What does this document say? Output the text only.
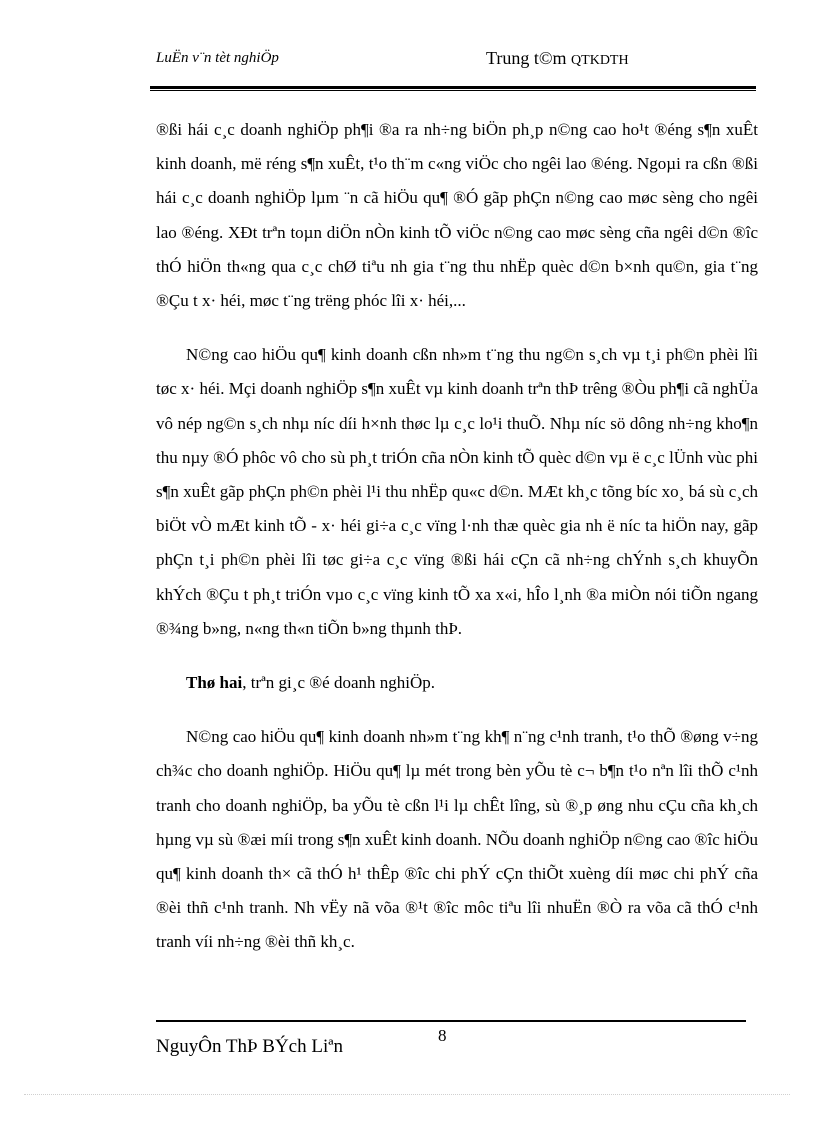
LuËn v¨n tèt nghiÖp	Trung t©m QTKDTH

®ßi hái c¸c doanh nghiÖp ph¶i ®a ra nh÷ng biÖn ph¸p n©ng cao ho¹t ®éng s¶n xuÊt kinh doanh, më réng s¶n xuÊt, t¹o th¨m c«ng viÖc cho ngêi lao ®éng. Ngoµi ra cßn ®ßi hái c¸c doanh nghiÖp lµm ¨n cã hiÖu qu¶ ®Ó gãp phÇn n©ng cao møc sèng cho ngêi lao ®éng. XÐt trªn toµn diÖn nÒn kinh tÕ viÖc n©ng cao møc sèng cña ngêi d©n ®îc thÓ hiÖn th«ng qua c¸c chØ tiªu nh gia t¨ng thu nhËp quèc d©n b×nh qu©n, gia t¨ng ®Çu t x· héi, møc t¨ng trëng phóc lîi x· héi,...

N©ng cao hiÖu qu¶ kinh doanh cßn nh»m t¨ng thu ng©n s¸ch vµ t¸i ph©n phèi lîi tøc x· héi. Mçi doanh nghiÖp s¶n xuÊt vµ kinh doanh trªn thÞ trêng ®Òu ph¶i cã nghÜa vô nép ng©n s¸ch nhµ níc díi h×nh thøc lµ c¸c lo¹i thuÕ. Nhµ níc sö dông nh÷ng kho¶n thu nµy ®Ó phôc vô cho sù ph¸t triÓn cña nÒn kinh tÕ quèc d©n vµ ë c¸c lÜnh vùc phi s¶n xuÊt gãp phÇn ph©n phèi l¹i thu nhËp qu«c d©n. MÆt kh¸c tõng bíc xo¸ bá sù c¸ch biÖt vÒ mÆt kinh tÕ - x· héi gi÷a c¸c vïng l·nh thæ quèc gia nh ë níc ta hiÖn nay, gãp phÇn t¸i ph©n phèi lîi tøc gi÷a c¸c vïng ®ßi hái cÇn cã nh÷ng chÝnh s¸ch khuyÕn khÝch ®Çu t ph¸t triÓn vµo c¸c vïng kinh tÕ xa x«i, hÎo l¸nh ®a miÒn nói tiÕn ngang ®¾ng b»ng, n«ng th«n tiÕn b»ng thµnh thÞ.

Thø hai, trªn gi¸c ®é doanh nghiÖp.

N©ng cao hiÖu qu¶ kinh doanh nh»m t¨ng kh¶ n¨ng c¹nh tranh, t¹o thÕ ®øng v÷ng ch¾c cho doanh nghiÖp. HiÖu qu¶ lµ mét trong bèn yÕu tè c¬ b¶n t¹o nªn lîi thÕ c¹nh tranh cho doanh nghiÖp, ba yÕu tè cßn l¹i lµ chÊt lîng, sù ®¸p øng nhu cÇu cña kh¸ch hµng vµ sù ®æi míi trong s¶n xuÊt kinh doanh. NÕu doanh nghiÖp n©ng cao ®îc hiÖu qu¶ kinh doanh th× cã thÓ h¹ thÊp ®îc chi phÝ cÇn thiÕt xuèng díi møc chi phÝ cña ®èi thñ c¹nh tranh. Nh vËy nã võa ®¹t ®îc môc tiªu lîi nhuËn ®Ò ra võa cã thÓ c¹nh tranh víi nh÷ng ®èi thñ kh¸c.

8
NguyÔn ThÞ BÝch Liªn
